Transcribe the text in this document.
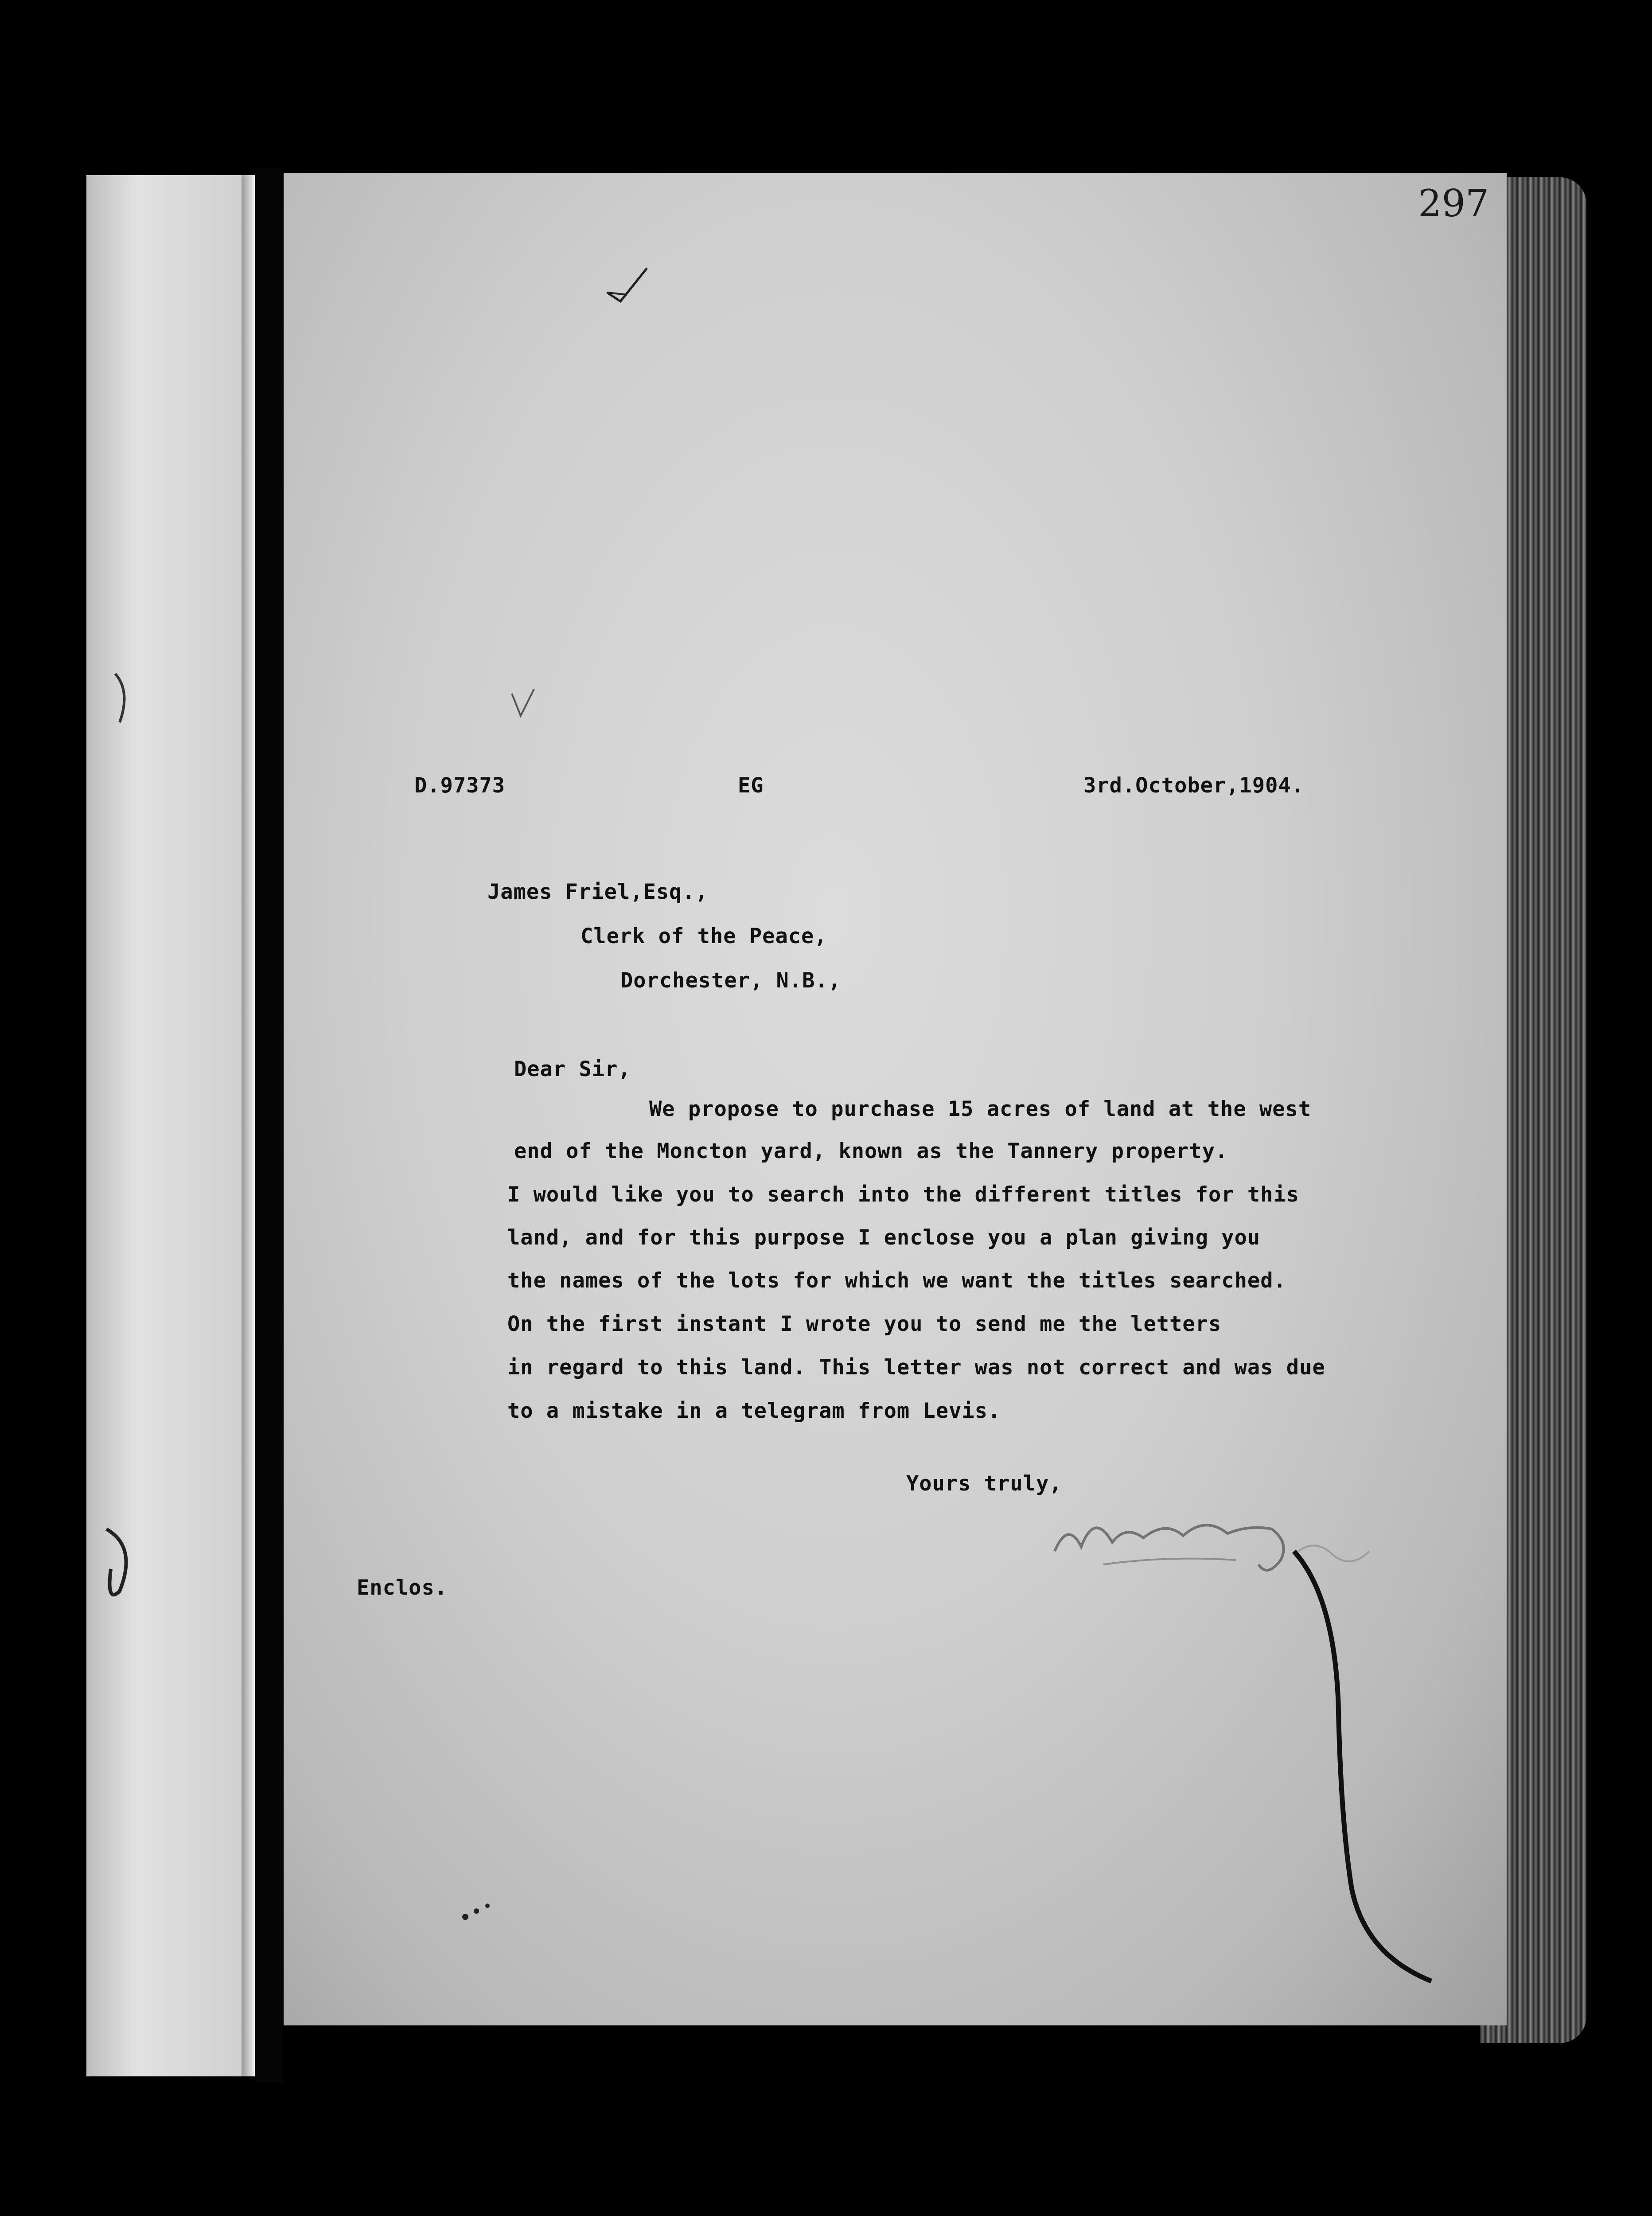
297
D.97373	EG	3rd.October,1904.
James Friel,Esq.,
Clerk of the Peace,
Dorchester, N.B.,
Dear Sir,
We propose to purchase 15 acres of land at the west
end of the Moncton yard, known as the Tannery property.
I would like you to search into the different titles for this
land, and for this purpose I enclose you a plan giving you
the names of the lots for which we want the titles searched.
On the first instant I wrote you to send me the letters
in regard to this land. This letter was not correct and was due
to a mistake in a telegram from Levis.
Yours truly,
Enclos.
